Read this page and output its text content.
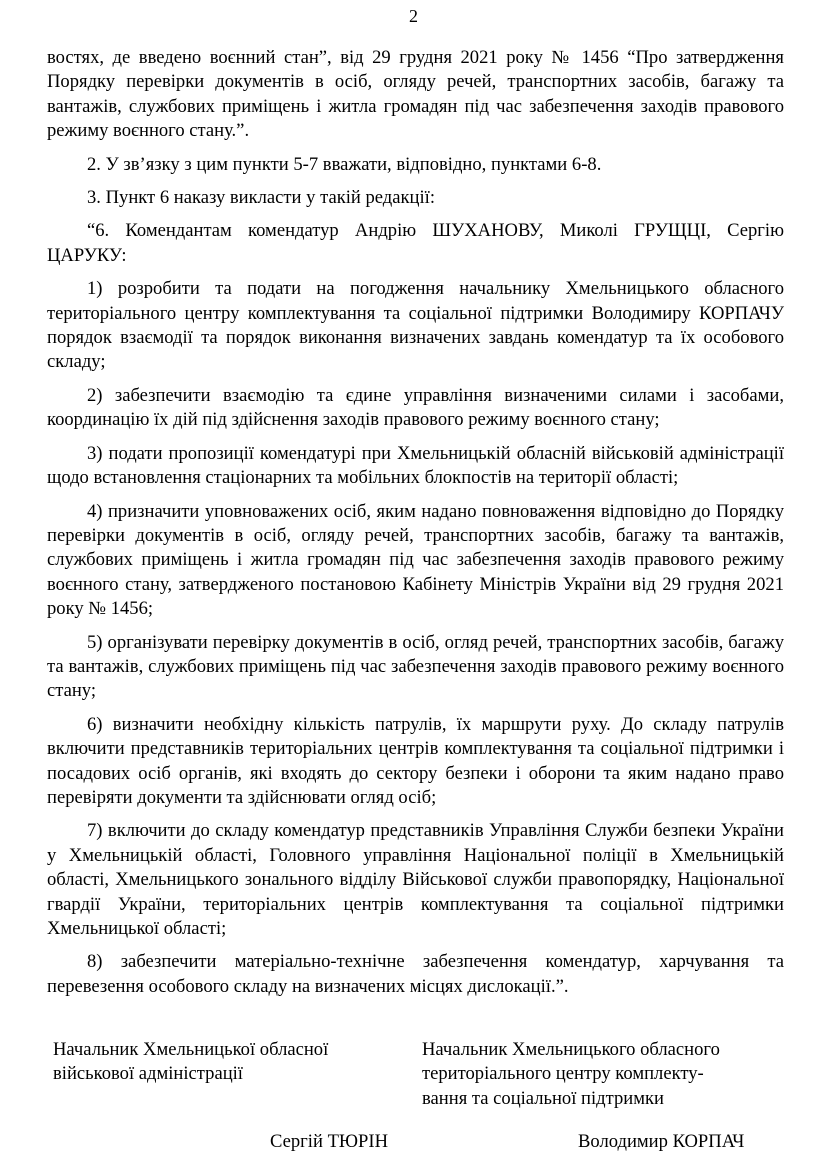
2

востях, де введено воєнний стан”, від 29 грудня 2021 року № 1456 “Про затвердження Порядку перевірки документів в осіб, огляду речей, транспортних засобів, багажу та вантажів, службових приміщень і житла громадян під час забезпечення заходів правового режиму воєнного стану.”.

2. У зв’язку з цим пункти 5-7 вважати, відповідно, пунктами 6-8.

3. Пункт 6 наказу викласти у такій редакції:

“6. Комендантам комендатур Андрію ШУХАНОВУ, Миколі ГРУЩЦІ, Сергію ЦАРУКУ:

1) розробити та подати на погодження начальнику Хмельницького обласного територіального центру комплектування та соціальної підтримки Володимиру КОРПАЧУ порядок взаємодії та порядок виконання визначених завдань комендатур та їх особового складу;

2) забезпечити взаємодію та єдине управління визначеними силами і засобами, координацію їх дій під здійснення заходів правового режиму воєнного стану;

3) подати пропозиції комендатурі при Хмельницькій обласній військовій адміністрації щодо встановлення стаціонарних та мобільних блокпостів на території області;

4) призначити уповноважених осіб, яким надано повноваження відповідно до Порядку перевірки документів в осіб, огляду речей, транспортних засобів, багажу та вантажів, службових приміщень і житла громадян під час забезпечення заходів правового режиму воєнного стану, затвердженого постановою Кабінету Міністрів України від 29 грудня 2021 року № 1456;

5) організувати перевірку документів в осіб, огляд речей, транспортних засобів, багажу та вантажів, службових приміщень під час забезпечення заходів правового режиму воєнного стану;

6) визначити необхідну кількість патрулів, їх маршрути руху. До складу патрулів включити представників територіальних центрів комплектування та соціальної підтримки і посадових осіб органів, які входять до сектору безпеки і оборони та яким надано право перевіряти документи та здійснювати огляд осіб;

7) включити до складу комендатур представників Управління Служби безпеки України у Хмельницькій області, Головного управління Національної поліції в Хмельницькій області, Хмельницького зонального відділу Військової служби правопорядку, Національної гвардії України, територіальних центрів комплектування та соціальної підтримки Хмельницької області;

8) забезпечити матеріально-технічне забезпечення комендатур, харчування та перевезення особового складу на визначених місцях дислокації.”.

Начальник Хмельницької обласної
військової адміністрації
Начальник Хмельницького обласного
територіального центру комплекту-
вання та соціальної підтримки
Сергій ТЮРІН	Володимир КОРПАЧ
